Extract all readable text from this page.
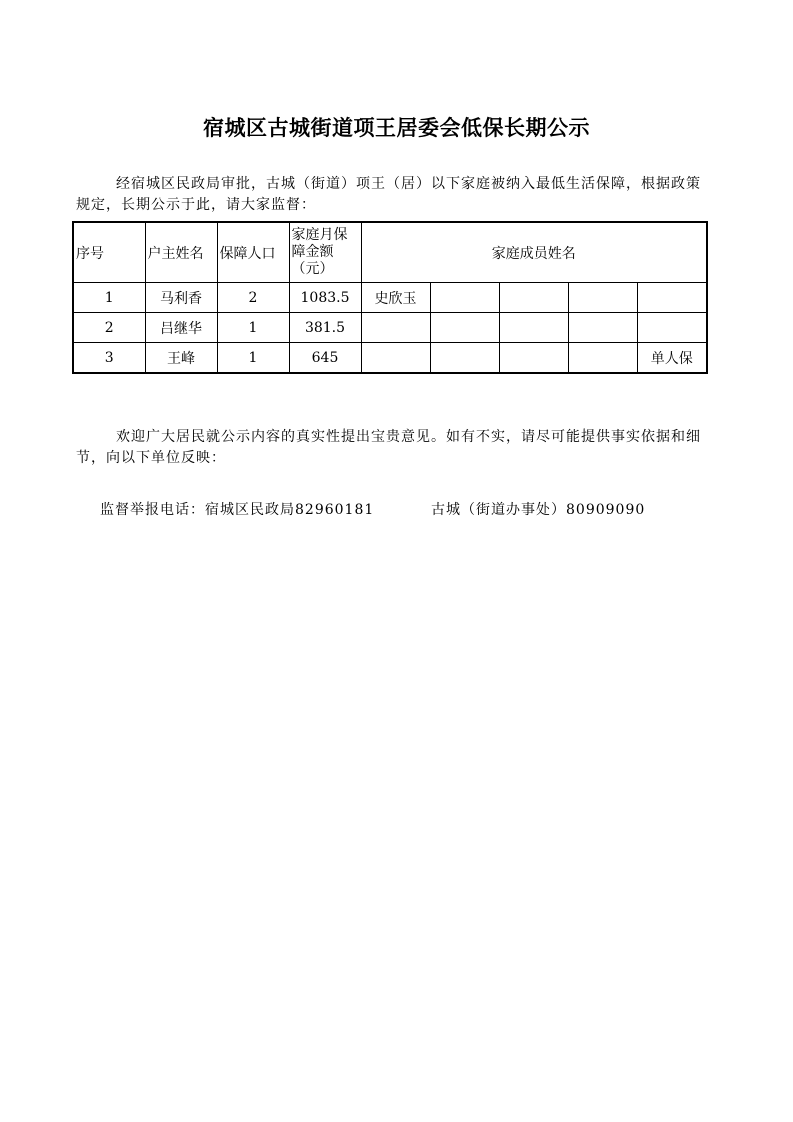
宿城区古城街道项王居委会低保长期公示
经宿城区民政局审批，古城（街道）项王（居）以下家庭被纳入最低生活保障，根据政策规定，长期公示于此，请大家监督：
序号	户主姓名	保障人口	家庭月保
障金额
（元）	家庭成员姓名				
1	马利香	2	1083.5	史欣玉				
2	吕继华	1	381.5					
3	王峰	1	645					单人保
欢迎广大居民就公示内容的真实性提出宝贵意见。如有不实，请尽可能提供事实依据和细节，向以下单位反映：
监督举报电话：宿城区民政局82960181	古城（街道办事处）80909090
